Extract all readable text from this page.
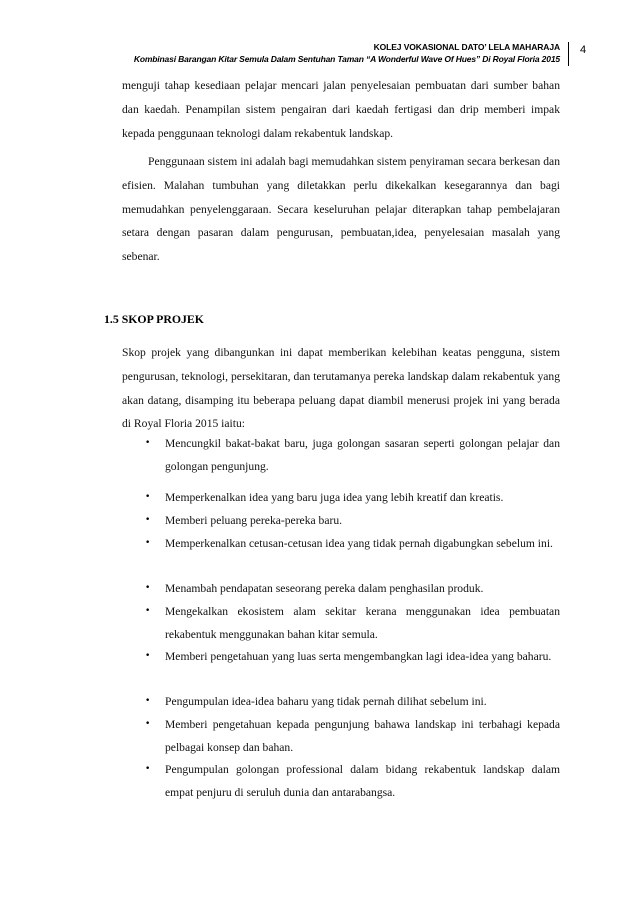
KOLEJ VOKASIONAL DATO’ LELA MAHARAJA
Kombinasi Barangan Kitar Semula Dalam Sentuhan Taman “A Wonderful Wave Of Hues” Di Royal Floria 2015
4

menguji tahap kesediaan pelajar mencari jalan penyelesaian pembuatan dari sumber bahan dan kaedah. Penampilan sistem pengairan dari kaedah fertigasi dan drip memberi impak kepada penggunaan teknologi dalam rekabentuk landskap.

Penggunaan sistem ini adalah bagi memudahkan sistem penyiraman secara berkesan dan efisien. Malahan tumbuhan yang diletakkan perlu dikekalkan kesegarannya dan bagi memudahkan penyelenggaraan. Secara keseluruhan pelajar diterapkan tahap pembelajaran setara dengan pasaran dalam pengurusan, pembuatan,idea, penyelesaian masalah yang sebenar.

1.5 SKOP PROJEK

Skop projek yang dibangunkan ini dapat memberikan kelebihan keatas pengguna, sistem pengurusan, teknologi, persekitaran, dan terutamanya pereka landskap dalam rekabentuk yang akan datang, disamping itu beberapa peluang dapat diambil menerusi projek ini yang berada di Royal Floria 2015 iaitu:

• Mencungkil bakat-bakat baru, juga golongan sasaran seperti golongan pelajar dan golongan pengunjung.
• Memperkenalkan idea yang baru juga idea yang lebih kreatif dan kreatis.
• Memberi peluang pereka-pereka baru.
• Memperkenalkan cetusan-cetusan idea yang tidak pernah digabungkan sebelum ini.
• Menambah pendapatan seseorang pereka dalam penghasilan produk.
• Mengekalkan ekosistem alam sekitar kerana menggunakan idea pembuatan rekabentuk menggunakan bahan kitar semula.
• Memberi pengetahuan yang luas serta mengembangkan lagi idea-idea yang baharu.
• Pengumpulan idea-idea baharu yang tidak pernah dilihat sebelum ini.
• Memberi pengetahuan kepada pengunjung bahawa landskap ini terbahagi kepada pelbagai konsep dan bahan.
• Pengumpulan golongan professional dalam bidang rekabentuk landskap dalam empat penjuru di seruluh dunia dan antarabangsa.
